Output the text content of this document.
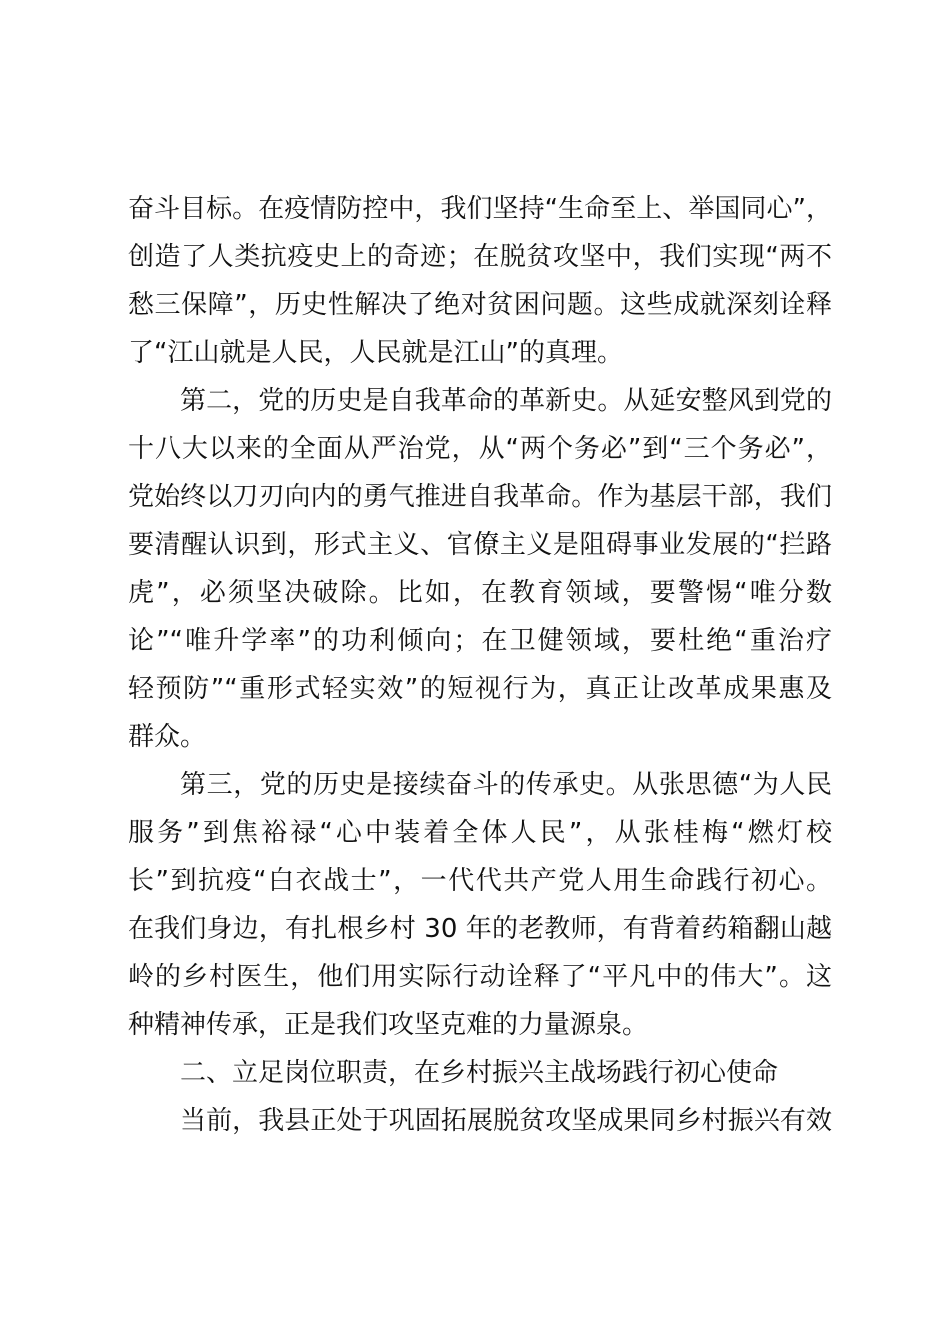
奋斗目标。在疫情防控中，我们坚持“生命至上、举国同心”，
创造了人类抗疫史上的奇迹；在脱贫攻坚中，我们实现“两不
愁三保障”，历史性解决了绝对贫困问题。这些成就深刻诠释
了“江山就是人民，人民就是江山”的真理。
第二，党的历史是自我革命的革新史。从延安整风到党的
十八大以来的全面从严治党，从“两个务必”到“三个务必”，
党始终以刀刃向内的勇气推进自我革命。作为基层干部，我们
要清醒认识到，形式主义、官僚主义是阻碍事业发展的“拦路
虎”，必须坚决破除。比如，在教育领域，要警惕“唯分数
论”“唯升学率”的功利倾向；在卫健领域，要杜绝“重治疗
轻预防”“重形式轻实效”的短视行为，真正让改革成果惠及
群众。
第三，党的历史是接续奋斗的传承史。从张思德“为人民
服务”到焦裕禄“心中装着全体人民”，从张桂梅“燃灯校
长”到抗疫“白衣战士”，一代代共产党人用生命践行初心。
在我们身边，有扎根乡村 30 年的老教师，有背着药箱翻山越
岭的乡村医生，他们用实际行动诠释了“平凡中的伟大”。这
种精神传承，正是我们攻坚克难的力量源泉。
二、立足岗位职责，在乡村振兴主战场践行初心使命
当前，我县正处于巩固拓展脱贫攻坚成果同乡村振兴有效
